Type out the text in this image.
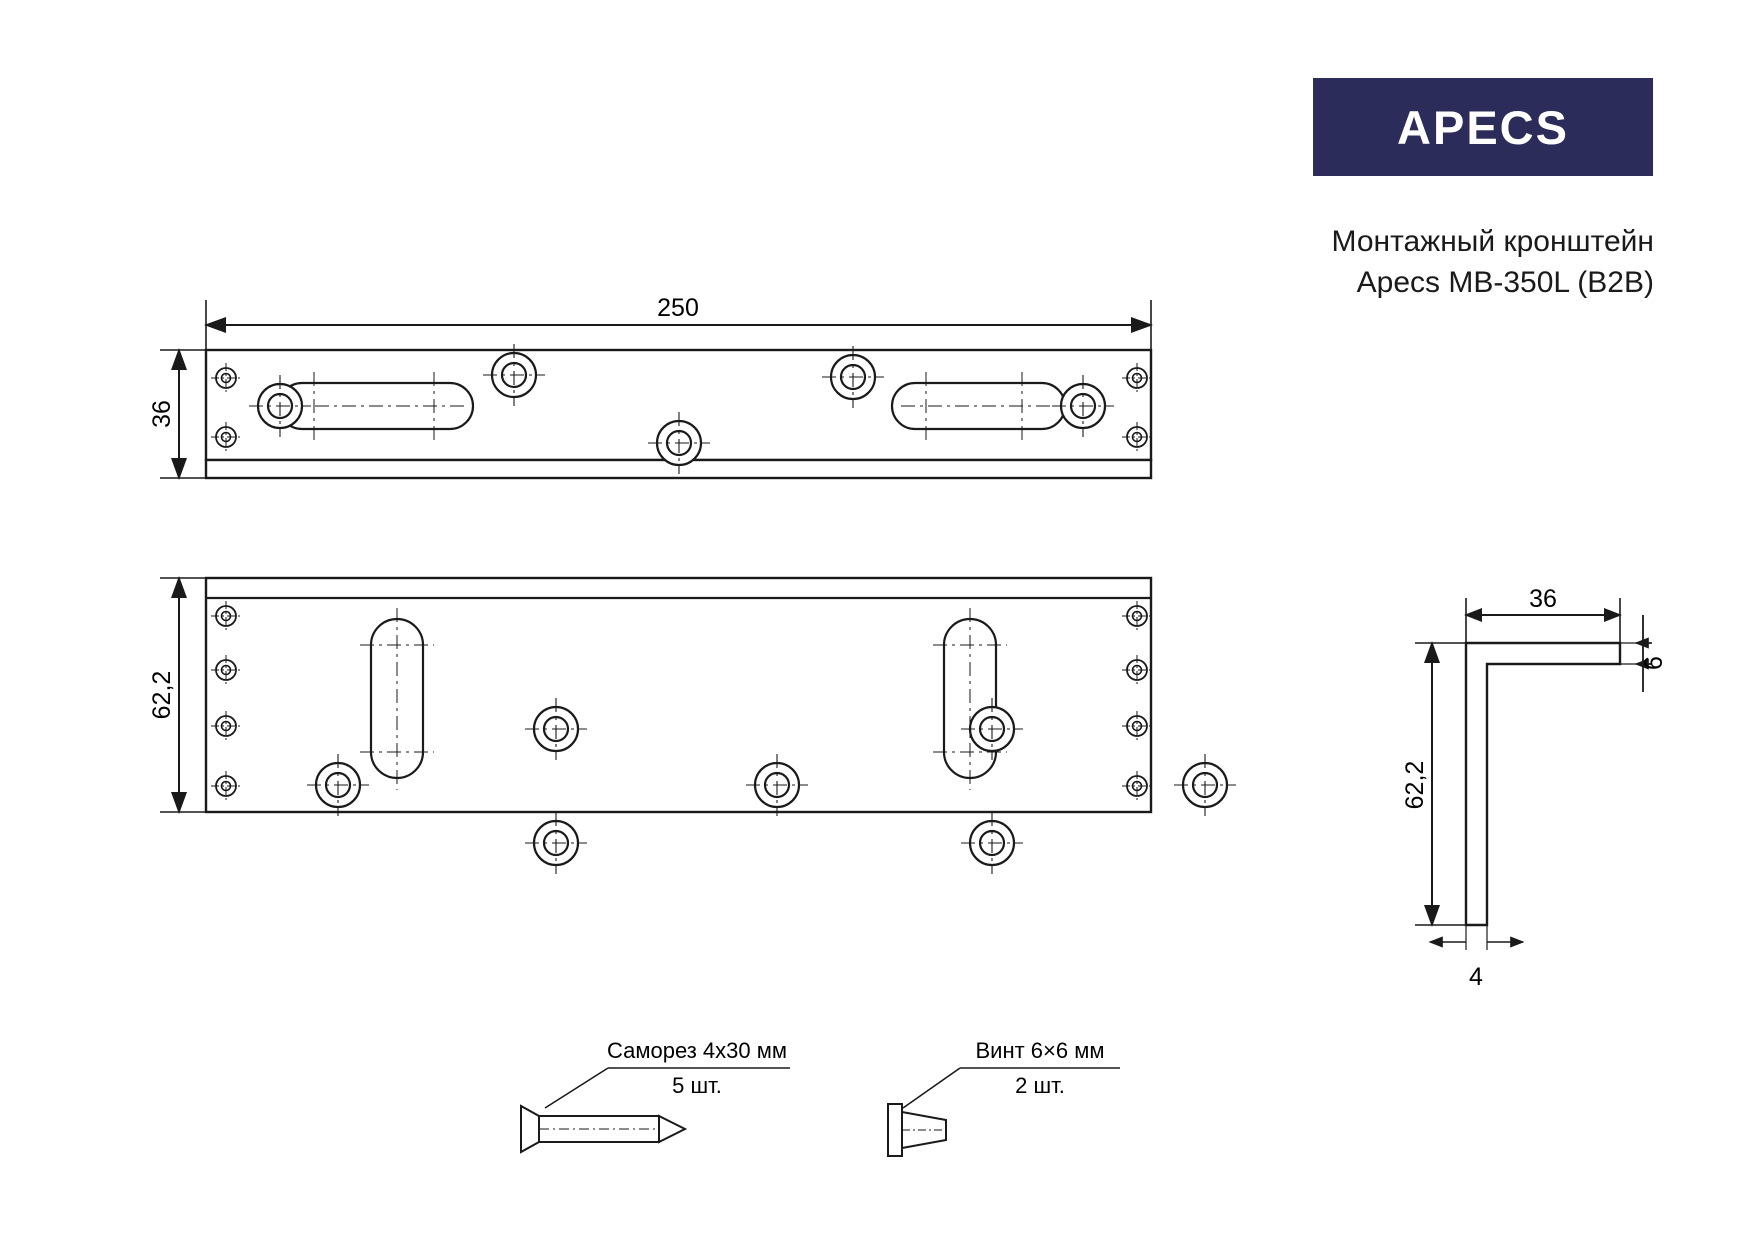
APECS
Монтажный кронштейн
Apecs MB-350L (B2B)
250
36
62,2
36
6
62,2
4
Саморез 4х30 мм
5 шт.
Винт 6×6 мм
2 шт.
